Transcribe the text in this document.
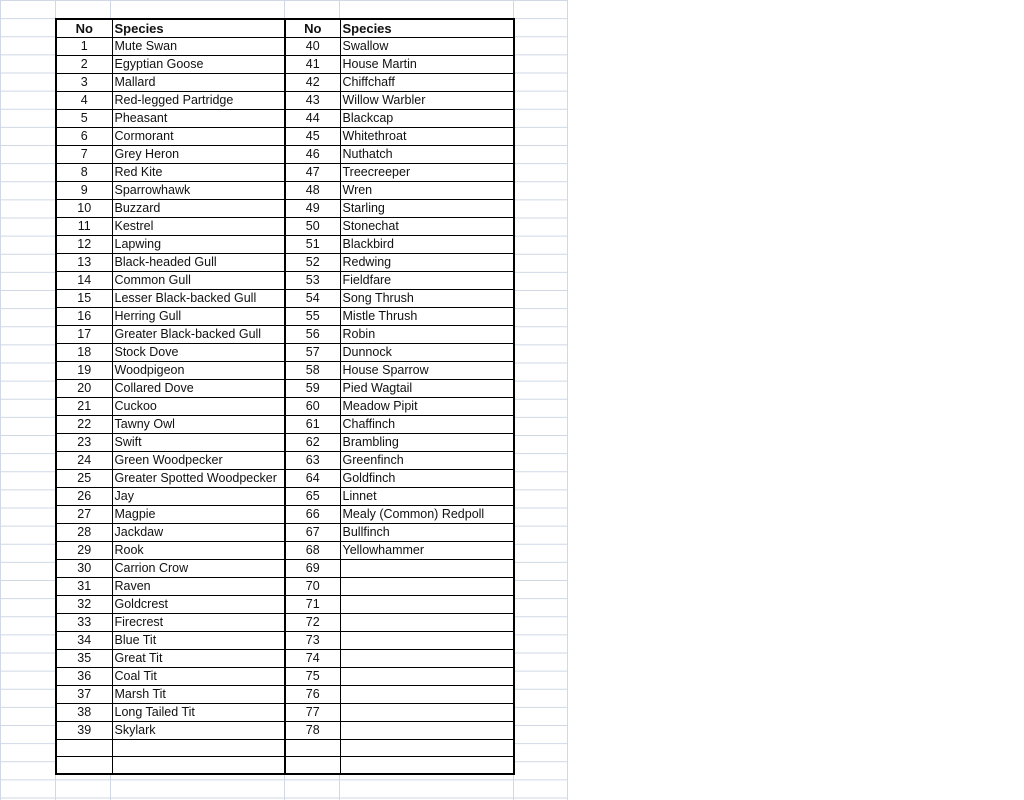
No	Species	No	Species
1	Mute Swan	40	Swallow
2	Egyptian Goose	41	House Martin
3	Mallard	42	Chiffchaff
4	Red-legged Partridge	43	Willow Warbler
5	Pheasant	44	Blackcap
6	Cormorant	45	Whitethroat
7	Grey Heron	46	Nuthatch
8	Red Kite	47	Treecreeper
9	Sparrowhawk	48	Wren
10	Buzzard	49	Starling
11	Kestrel	50	Stonechat
12	Lapwing	51	Blackbird
13	Black-headed Gull	52	Redwing
14	Common Gull	53	Fieldfare
15	Lesser Black-backed Gull	54	Song Thrush
16	Herring Gull	55	Mistle Thrush
17	Greater Black-backed Gull	56	Robin
18	Stock Dove	57	Dunnock
19	Woodpigeon	58	House Sparrow
20	Collared Dove	59	Pied Wagtail
21	Cuckoo	60	Meadow Pipit
22	Tawny Owl	61	Chaffinch
23	Swift	62	Brambling
24	Green Woodpecker	63	Greenfinch
25	Greater Spotted Woodpecker	64	Goldfinch
26	Jay	65	Linnet
27	Magpie	66	Mealy (Common) Redpoll
28	Jackdaw	67	Bullfinch
29	Rook	68	Yellowhammer
30	Carrion Crow	69	
31	Raven	70	
32	Goldcrest	71	
33	Firecrest	72	
34	Blue Tit	73	
35	Great Tit	74	
36	Coal Tit	75	
37	Marsh Tit	76	
38	Long Tailed Tit	77	
39	Skylark	78	
